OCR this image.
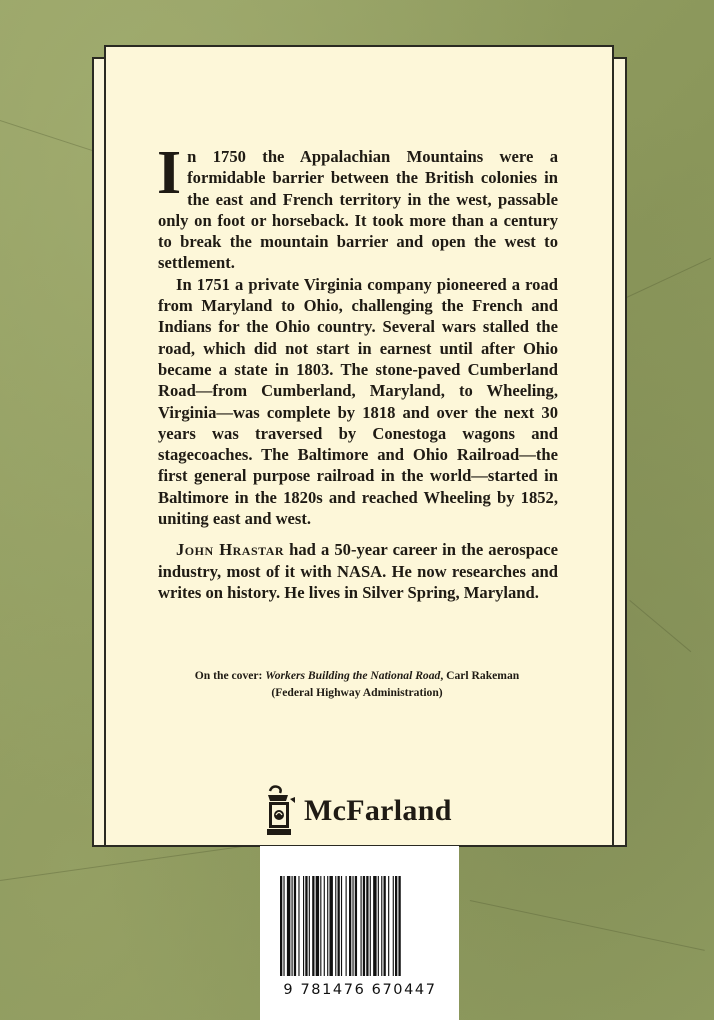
In 1750 the Appalachian Mountains were a formidable barrier between the British colonies in the east and French territory in the west, passable only on foot or horseback. It took more than a century to break the mountain barrier and open the west to settlement.

In 1751 a private Virginia company pioneered a road from Maryland to Ohio, challenging the French and Indians for the Ohio country. Several wars stalled the road, which did not start in earnest until after Ohio became a state in 1803. The stone-paved Cumberland Road—from Cumberland, Maryland, to Wheeling, Virginia—was complete by 1818 and over the next 30 years was traversed by Conestoga wagons and stagecoaches. The Baltimore and Ohio Railroad—the first general purpose railroad in the world—started in Baltimore in the 1820s and reached Wheeling by 1852, uniting east and west.

John Hrastar had a 50-year career in the aerospace industry, most of it with NASA. He now researches and writes on history. He lives in Silver Spring, Maryland.

On the cover: Workers Building the National Road, Carl Rakeman
(Federal Highway Administration)
McFarland
9 781476 670447
